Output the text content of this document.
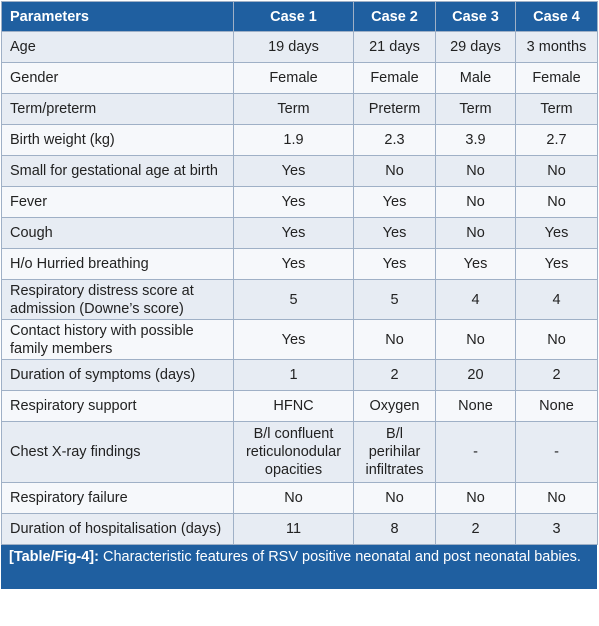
Parameters	Case 1	Case 2	Case 3	Case 4
Age	19 days	21 days	29 days	3 months
Gender	Female	Female	Male	Female
Term/preterm	Term	Preterm	Term	Term
Birth weight (kg)	1.9	2.3	3.9	2.7
Small for gestational age at birth	Yes	No	No	No
Fever	Yes	Yes	No	No
Cough	Yes	Yes	No	Yes
H/o Hurried breathing	Yes	Yes	Yes	Yes
Respiratory distress score at
admission (Downe’s score)	5	5	4	4
Contact history with possible
family members	Yes	No	No	No
Duration of symptoms (days)	1	2	20	2
Respiratory support	HFNC	Oxygen	None	None
Chest X-ray findings	B/l confluent
reticulonodular
opacities	B/l
perihilar
infiltrates	-	-
Respiratory failure	No	No	No	No
Duration of hospitalisation (days)	11	8	2	3
[Table/Fig-4]: Characteristic features of RSV positive neonatal and post neonatal babies.
